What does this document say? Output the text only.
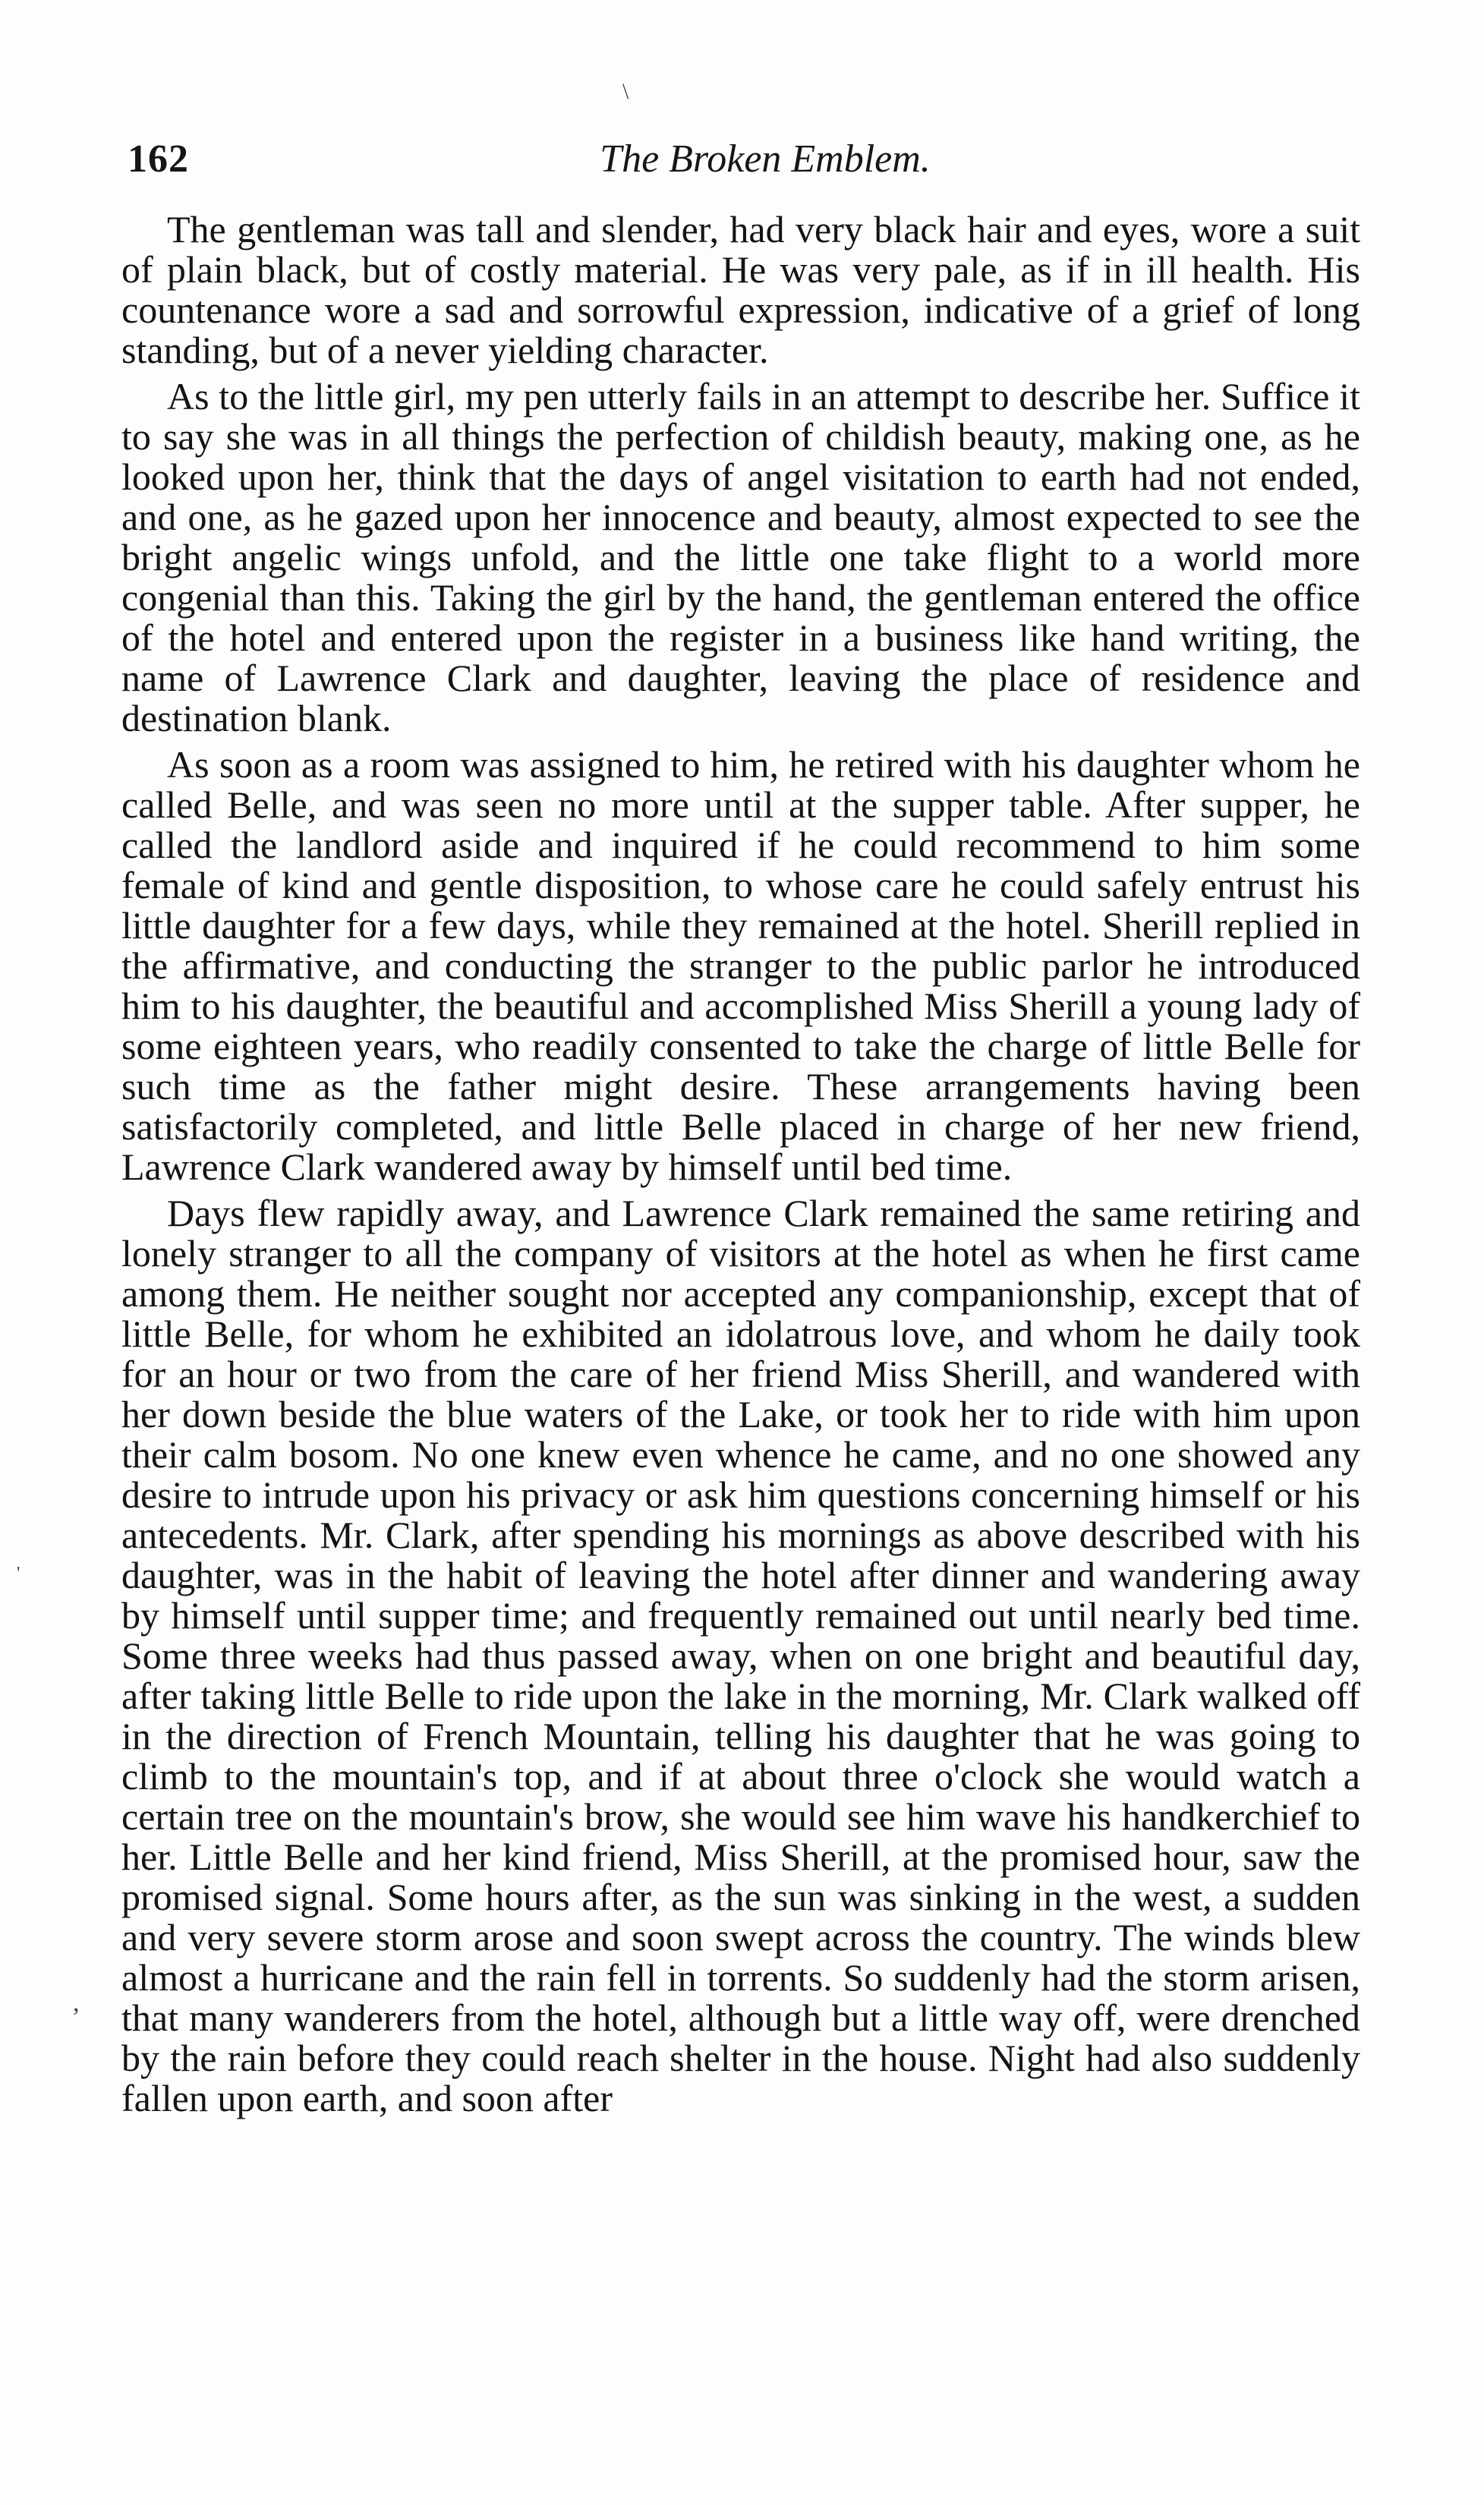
\
162	The Broken Emblem.

The gentleman was tall and slender, had very black hair and eyes, wore a suit of plain black, but of costly material. He was very pale, as if in ill health. His countenance wore a sad and sorrowful expression, indicative of a grief of long standing, but of a never yielding character.

As to the little girl, my pen utterly fails in an attempt to describe her. Suffice it to say she was in all things the perfection of childish beauty, making one, as he looked upon her, think that the days of angel visitation to earth had not ended, and one, as he gazed upon her innocence and beauty, almost expected to see the bright angelic wings unfold, and the little one take flight to a world more congenial than this. Taking the girl by the hand, the gentleman entered the office of the hotel and entered upon the register in a business like hand writing, the name of Lawrence Clark and daughter, leaving the place of residence and destination blank.

As soon as a room was assigned to him, he retired with his daughter whom he called Belle, and was seen no more until at the supper table. After supper, he called the landlord aside and inquired if he could recommend to him some female of kind and gentle disposition, to whose care he could safely entrust his little daughter for a few days, while they remained at the hotel. Sherill replied in the affirmative, and conducting the stranger to the public parlor he introduced him to his daughter, the beautiful and accomplished Miss Sherill a young lady of some eighteen years, who readily consented to take the charge of little Belle for such time as the father might desire. These arrangements having been satisfactorily completed, and little Belle placed in charge of her new friend, Lawrence Clark wandered away by himself until bed time.

Days flew rapidly away, and Lawrence Clark remained the same retiring and lonely stranger to all the company of visitors at the hotel as when he first came among them. He neither sought nor accepted any companionship, except that of little Belle, for whom he exhibited an idolatrous love, and whom he daily took for an hour or two from the care of her friend Miss Sherill, and wandered with her down beside the blue waters of the Lake, or took her to ride with him upon their calm bosom. No one knew even whence he came, and no one showed any desire to intrude upon his privacy or ask him questions concerning himself or his antecedents. Mr. Clark, after spending his mornings as above described with his daughter, was in the habit of leaving the hotel after dinner and wandering away by himself until supper time; and frequently remained out until nearly bed time. Some three weeks had thus passed away, when on one bright and beautiful day, after taking little Belle to ride upon the lake in the morning, Mr. Clark walked off in the direction of French Mountain, telling his daughter that he was going to climb to the mountain's top, and if at about three o'clock she would watch a certain tree on the mountain's brow, she would see him wave his handkerchief to her. Little Belle and her kind friend, Miss Sherill, at the promised hour, saw the promised signal. Some hours after, as the sun was sinking in the west, a sudden and very severe storm arose and soon swept across the country. The winds blew almost a hurricane and the rain fell in torrents. So suddenly had the storm arisen, that many wanderers from the hotel, although but a little way off, were drenched by the rain before they could reach shelter in the house. Night had also suddenly fallen upon earth, and soon after

'
,
